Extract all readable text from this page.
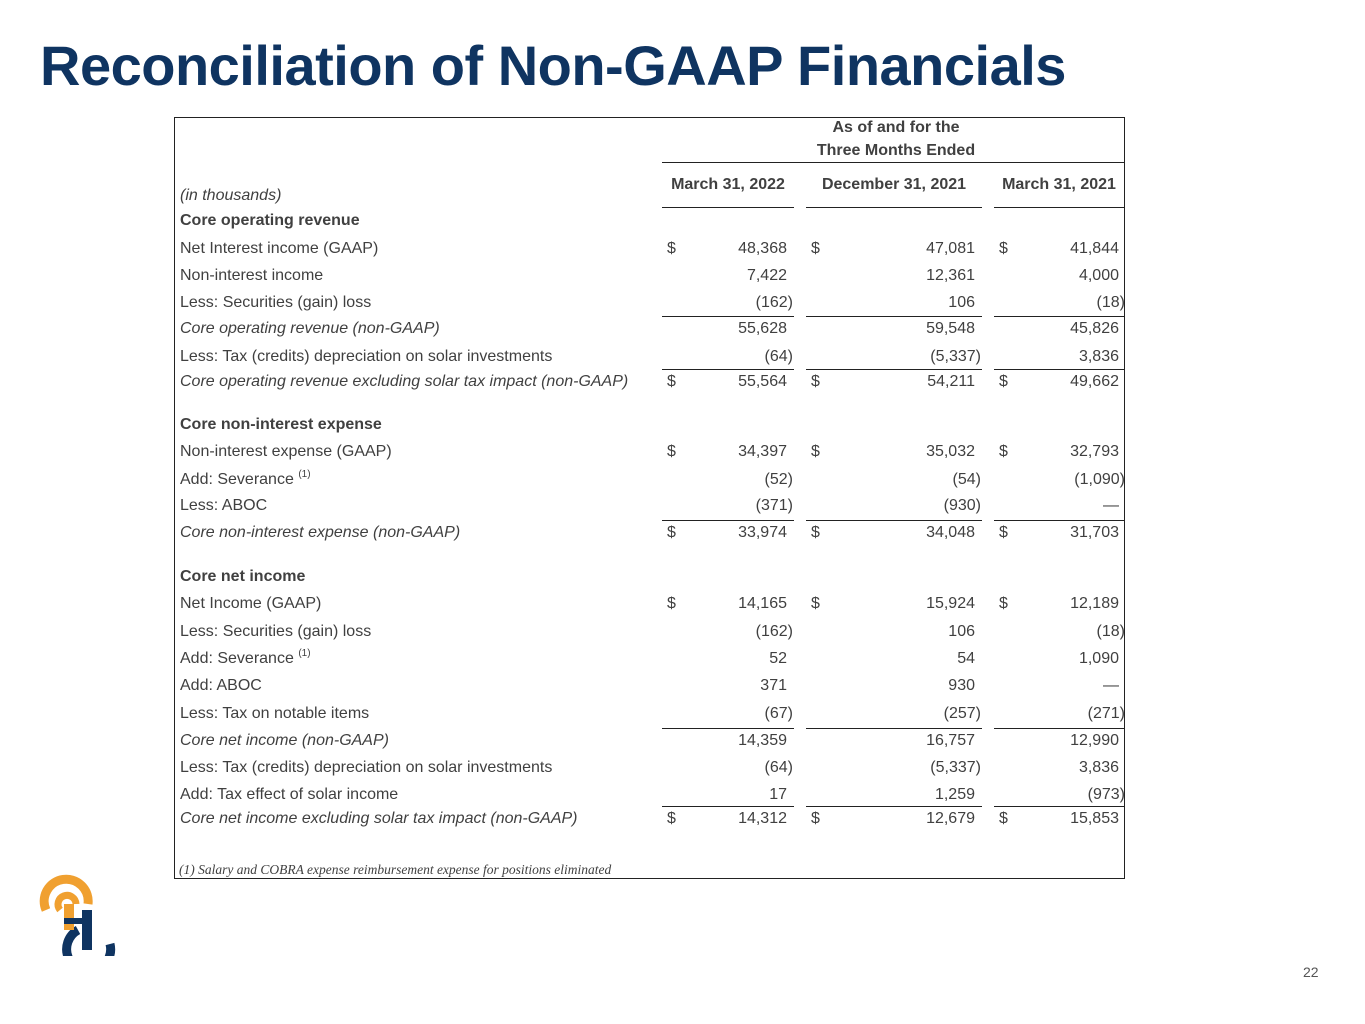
Reconciliation of Non-GAAP Financials
As of and for the
Three Months Ended
March 31, 2022	December 31, 2021	March 31, 2021
(in thousands)
Core operating revenue
Net Interest income (GAAP)	$	48,368 $	47,081 $	41,844
Non-interest income	7,422	12,361	4,000
Less: Securities (gain) loss	(162)	106	(18)
Core operating revenue (non-GAAP)	55,628	59,548	45,826
Less: Tax (credits) depreciation on solar investments	(64)	(5,337)	3,836
Core operating revenue excluding solar tax impact (non-GAAP) $	55,564 $	54,211 $	49,662
Core non-interest expense
Non-interest expense (GAAP)	$	34,397 $	35,032 $	32,793
Add: Severance $^{(1)}$	(52)	(54)	(1,090)
Less: ABOC	(371)	(930)	—
Core non-interest expense (non-GAAP)	$	33,974 $	34,048 $	31,703
Core net income
Net Income (GAAP)	$	14,165 $	15,924 $	12,189
Less: Securities (gain) loss	(162)	106	(18)
Add: Severance $^{(1)}$	52	54	1,090
Add: ABOC	371	930	—
Less: Tax on notable items	(67)	(257)	(271)
Core net income (non-GAAP)	14,359	16,757	12,990
Less: Tax (credits) depreciation on solar investments	(64)	(5,337)	3,836
Add: Tax effect of solar income	17	1,259	(973)
Core net income excluding solar tax impact (non-GAAP)	$	14,312 $	12,679 $	15,853
(1) Salary and COBRA expense reimbursement expense for positions eliminated
22
